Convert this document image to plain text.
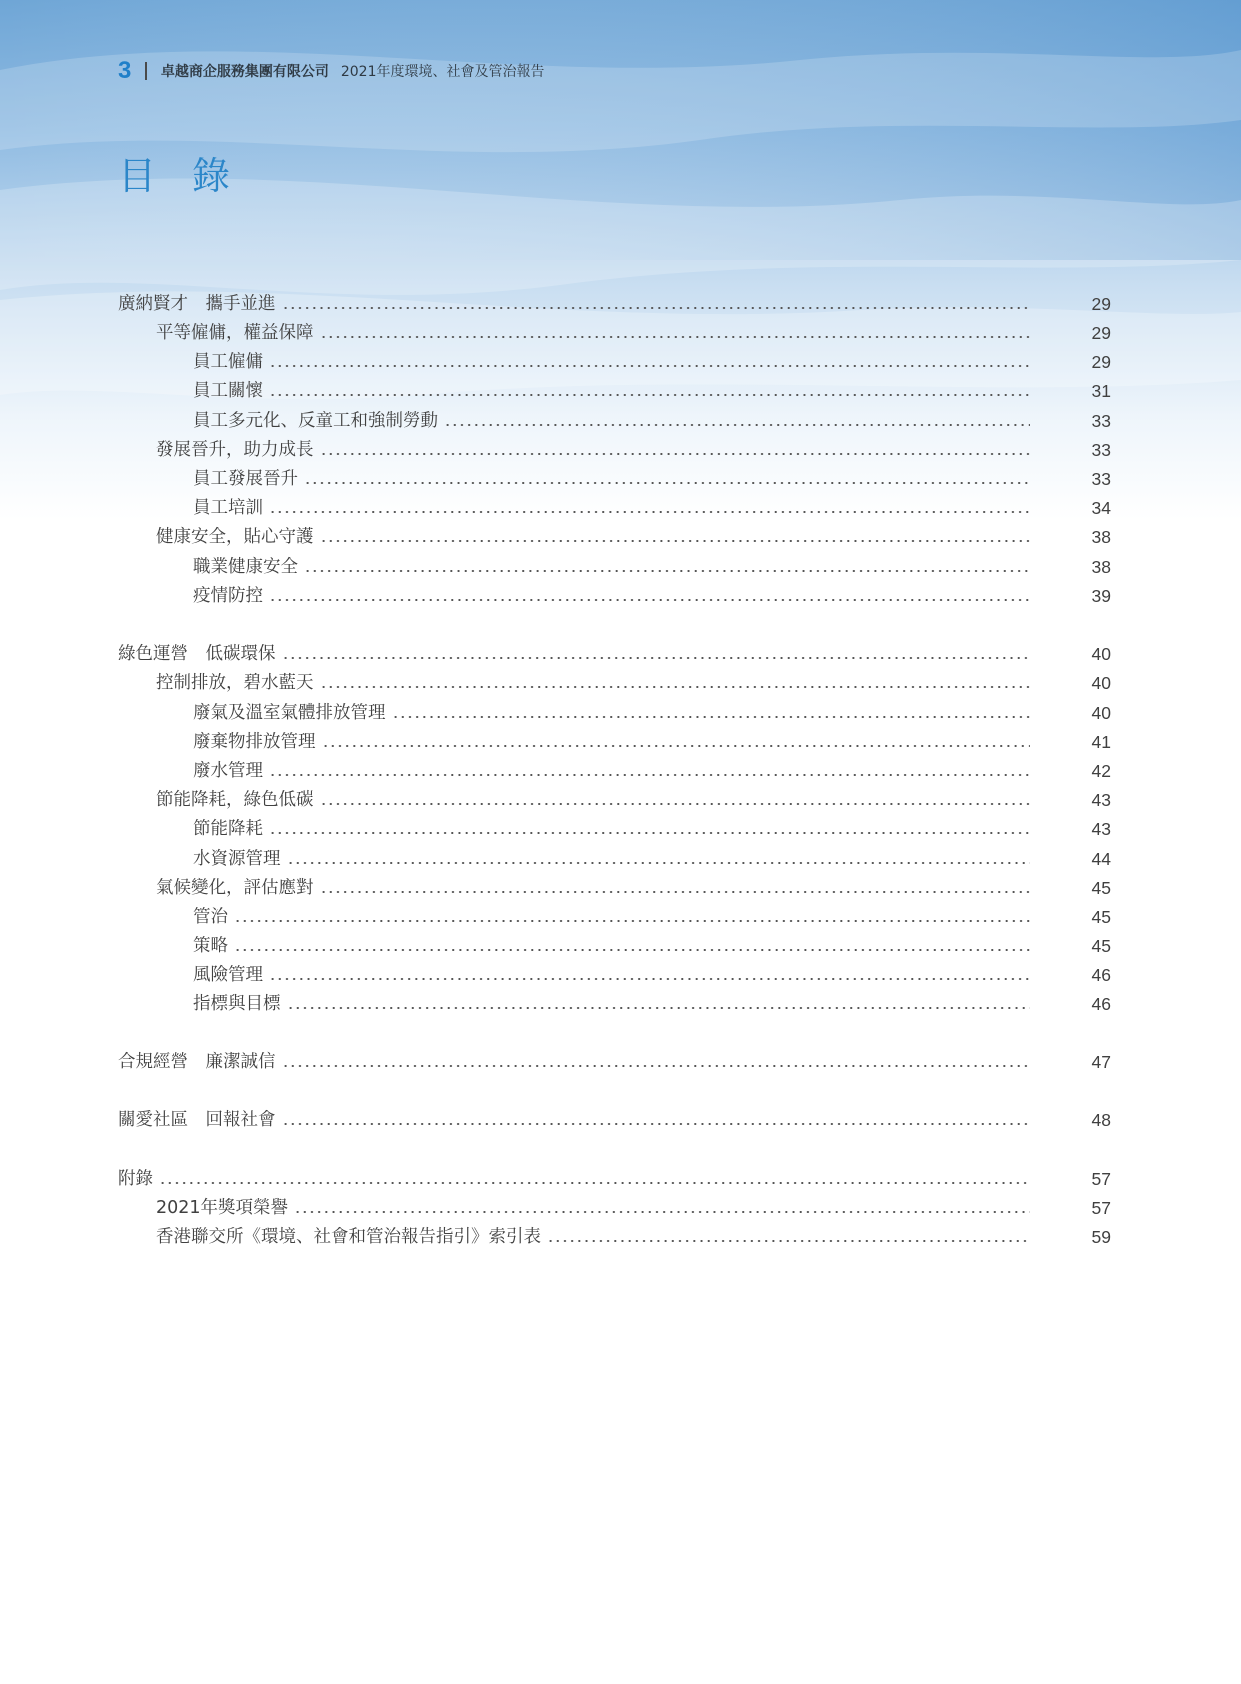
3 卓越商企服務集團有限公司 2021年度環境、社會及管治報告
目錄
廣納賢才　攜手並進	29
平等僱傭，權益保障	29
員工僱傭	29
員工關懷	31
員工多元化、反童工和強制勞動	33
發展晉升，助力成長	33
員工發展晉升	33
員工培訓	34
健康安全，貼心守護	38
職業健康安全	38
疫情防控	39
綠色運營　低碳環保	40
控制排放，碧水藍天	40
廢氣及溫室氣體排放管理	40
廢棄物排放管理	41
廢水管理	42
節能降耗，綠色低碳	43
節能降耗	43
水資源管理	44
氣候變化，評估應對	45
管治	45
策略	45
風險管理	46
指標與目標	46
合規經營　廉潔誠信	47
關愛社區　回報社會	48
附錄	57
2021年獎項榮譽	57
香港聯交所《環境、社會和管治報告指引》索引表	59
